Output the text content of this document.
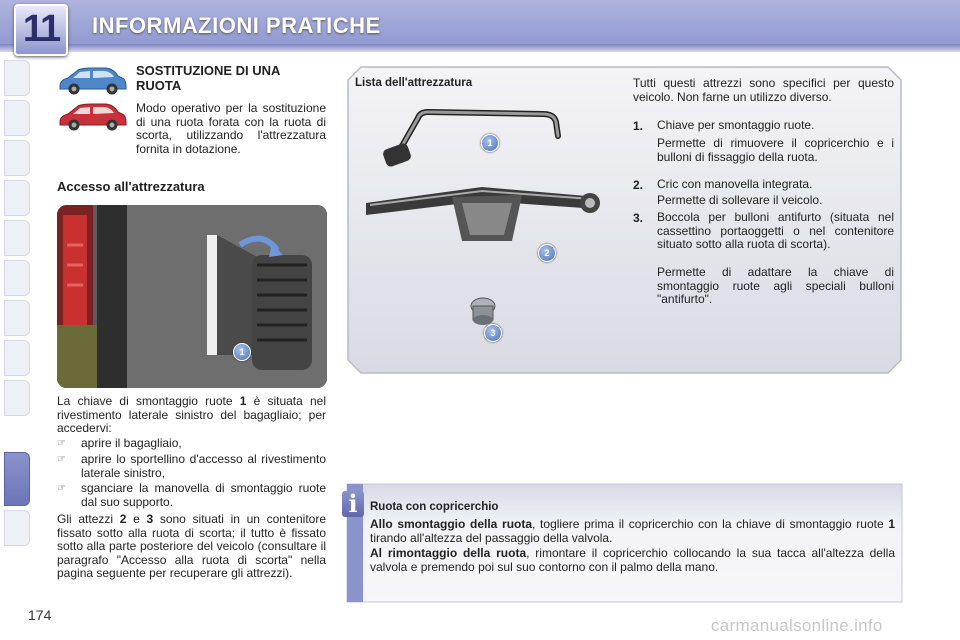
11	INFORMAZIONI PRATICHE
SOSTITUZIONE DI UNA RUOTA
Modo operativo per la sostituzione di una ruota forata con la ruota di scorta, utilizzando l'attrezzatura fornita in dotazione.
Accesso all'attrezzatura
1
La chiave di smontaggio ruote 1 è situata nel rivestimento laterale sinistro del bagagliaio; per accedervi:
☞ aprire il bagagliaio,
☞ aprire lo sportellino d'accesso al rivestimento laterale sinistro,
☞ sganciare la manovella di smontaggio ruote dal suo supporto.
Gli attezzi 2 e 3 sono situati in un contenitore fissato sotto alla ruota di scorta; il tutto è fissato sotto alla parte posteriore del veicolo (consultare il paragrafo "Accesso alla ruota di scorta" nella pagina seguente per recuperare gli attrezzi).
1
2
3
Lista dell'attrezzatura	Tutti questi attrezzi sono specifici per questo veicolo. Non farne un utilizzo diverso.
1. Chiave per smontaggio ruote.
Permette di rimuovere il copricerchio e i bulloni di fissaggio della ruota.
2. Cric con manovella integrata.
Permette di sollevare il veicolo.
3. Boccola per bulloni antifurto (situata nel cassettino portaoggetti o nel contenitore situato sotto alla ruota di scorta).
Permette di adattare la chiave di smontaggio ruote agli speciali bulloni "antifurto".
i	Ruota con copricerchio
Allo smontaggio della ruota, togliere prima il copricerchio con la chiave di smontaggio ruote 1 tirando all'altezza del passaggio della valvola.
Al rimontaggio della ruota, rimontare il copricerchio collocando la sua tacca all'altezza della valvola e premendo poi sul suo contorno con il palmo della mano.
174
carmanualsonline.info
